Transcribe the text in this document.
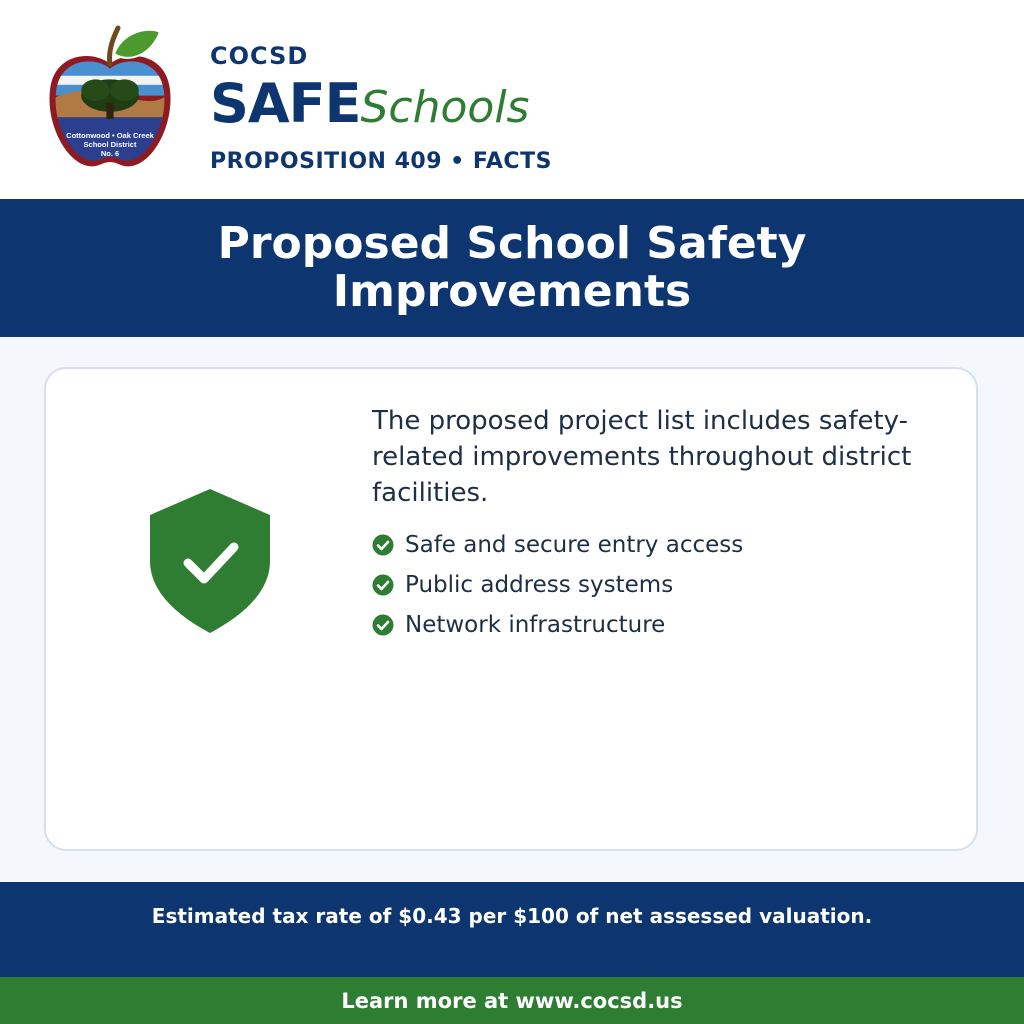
Cottonwood • Oak Creek
School District
No. 6
COCSD
SAFESchools
PROPOSITION 409 • FACTS
Proposed School Safety Improvements

The proposed project list includes safety-related improvements throughout district facilities.

Safe and secure entry access
Public address systems
Network infrastructure

Estimated tax rate of $0.43 per $100 of net assessed valuation.

Learn more at www.cocsd.us
